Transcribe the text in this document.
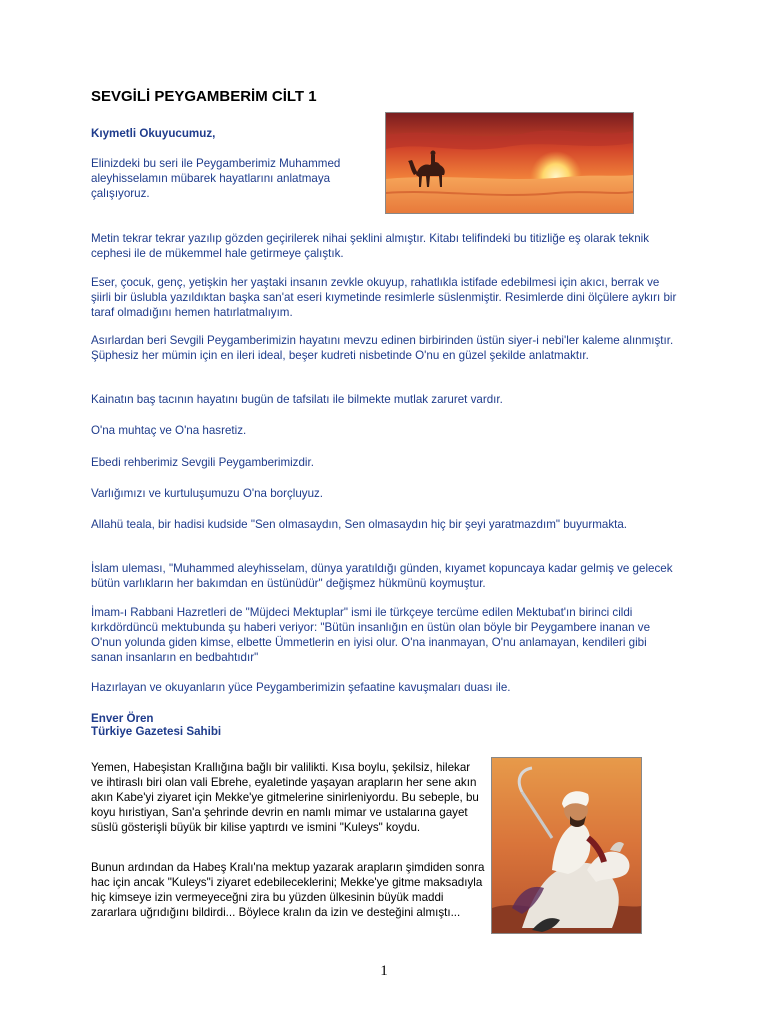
SEVGİLİ PEYGAMBERİM CİLT 1

Kıymetli Okuyucumuz,

Elinizdeki bu seri ile Peygamberimiz Muhammed aleyhisselamın mübarek hayatlarını anlatmaya çalışıyoruz.

Metin tekrar tekrar yazılıp gözden geçirilerek nihai şeklini almıştır. Kitabı telifindeki bu titizliğe eş olarak teknik cephesi ile de mükemmel hale getirmeye çalıştık.

Eser, çocuk, genç, yetişkin her yaştaki insanın zevkle okuyup, rahatlıkla istifade edebilmesi için akıcı, berrak ve şiirli bir üslubla yazıldıktan başka san'at eseri kıymetinde resimlerle süslenmiştir. Resimlerde dini ölçülere aykırı bir taraf olmadığını hemen hatırlatmalıyım.

Asırlardan beri Sevgili Peygamberimizin hayatını mevzu edinen birbirinden üstün siyer-i nebi'ler kaleme alınmıştır. Şüphesiz her mümin için en ileri ideal, beşer kudreti nisbetinde O'nu en güzel şekilde anlatmaktır.

Kainatın baş tacının hayatını bugün de tafsilatı ile bilmekte mutlak zaruret vardır.

O'na muhtaç ve O'na hasretiz.

Ebedi rehberimiz Sevgili Peygamberimizdir.

Varlığımızı ve kurtuluşumuzu O'na borçluyuz.

Allahü teala, bir hadisi kudside "Sen olmasaydın, Sen olmasaydın hiç bir şeyi yaratmazdım" buyurmakta.

İslam uleması, "Muhammed aleyhisselam, dünya yaratıldığı günden, kıyamet kopuncaya kadar gelmiş ve gelecek bütün varlıkların her bakımdan en üstünüdür" değişmez hükmünü koymuştur.

İmam-ı Rabbani Hazretleri de "Müjdeci Mektuplar" ismi ile türkçeye tercüme edilen Mektubat'ın birinci cildi kırkdördüncü mektubunda şu haberi veriyor: "Bütün insanlığın en üstün olan böyle bir Peygambere inanan ve O'nun yolunda giden kimse, elbette Ümmetlerin en iyisi olur. O'na inanmayan, O'nu anlamayan, kendileri gibi sanan insanların en bedbahtıdır"

Hazırlayan ve okuyanların yüce Peygamberimizin şefaatine kavuşmaları duası ile.

Enver Ören
Türkiye Gazetesi Sahibi

Yemen, Habeşistan Krallığına bağlı bir valilikti. Kısa boylu, şekilsiz, hilekar ve ihtiraslı biri olan vali Ebrehe, eyaletinde yaşayan arapların her sene akın akın Kabe'yi ziyaret için Mekke'ye gitmelerine sinirleniyordu. Bu sebeple, bu koyu hıristiyan, San'a şehrinde devrin en namlı mimar ve ustalarına gayet süslü gösterişli büyük bir kilise yaptırdı ve ismini "Kuleys" koydu.

Bunun ardından da Habeş Kralı'na mektup yazarak arapların şimdiden sonra hac için ancak "Kuleys"i ziyaret edebileceklerini; Mekke'ye gitme maksadıyla hiç kimseye izin vermeyeceğni zira bu yüzden ülkesinin büyük maddi zararlara uğrıdığını bildirdi... Böylece kralın da izin ve desteğini almıştı...

1
